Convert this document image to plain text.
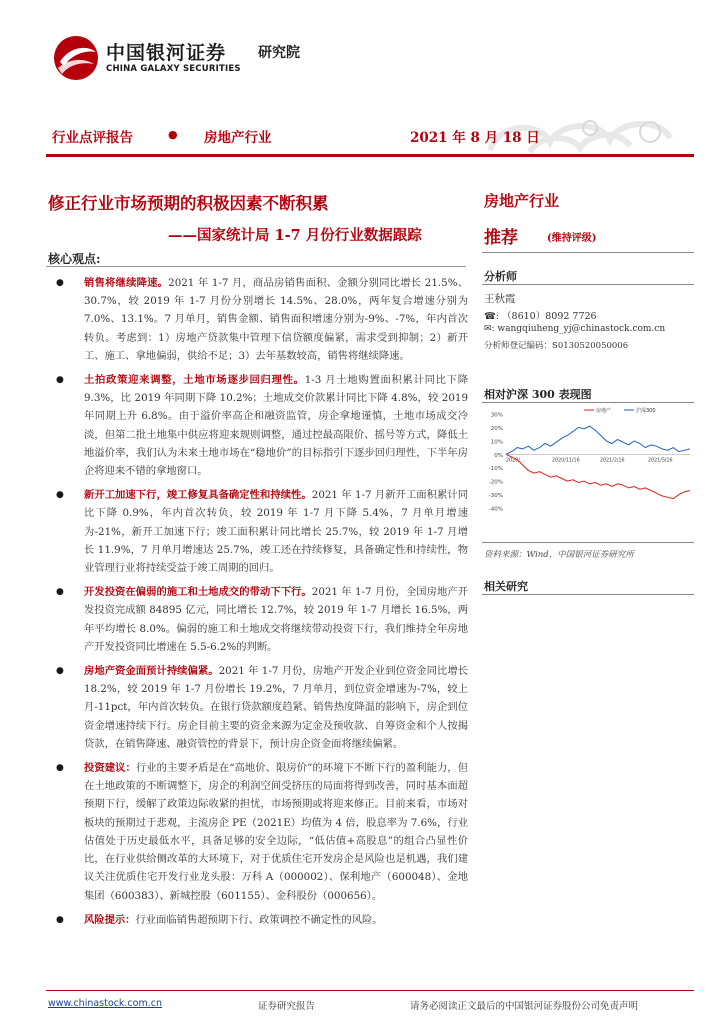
中国银河证券
CHINA GALAXY SECURITIES
研究院
行业点评报告	● 房地产行业	2021 年 8 月 18 日
修正行业市场预期的积极因素不断积累
——国家统计局 1-7 月份行业数据跟踪
核心观点:
● 销售将继续降速。2021 年 1-7 月，商品房销售面积、金额分别同比增长 21.5%、30.7%，较 2019 年 1-7 月份分别增长 14.5%、28.0%，两年复合增速分别为 7.0%、13.1%。7 月单月，销售金额、销售面积增速分别为-9%、-7%，年内首次转负。考虑到：1）房地产贷款集中管理下信贷额度偏紧，需求受到抑制；2）新开工、施工、拿地偏弱，供给不足；3）去年基数较高，销售将继续降速。
● 土拍政策迎来调整，土地市场逐步回归理性。1-3 月土地购置面积累计同比下降 9.3%，比 2019 年同期下降 10.2%；土地成交价款累计同比下降 4.8%，较 2019 年同期上升 6.8%。由于溢价率高企和融资监管，房企拿地谨慎，土地市场成交冷淡，但第二批土地集中供应将迎来规则调整，通过控最高限价、摇号等方式，降低土地溢价率，我们认为未来土地市场在“稳地价”的目标指引下逐步回归理性，下半年房企将迎来不错的拿地窗口。
● 新开工加速下行，竣工修复具备确定性和持续性。2021 年 1-7 月新开工面积累计同比下降 0.9%，年内首次转负，较 2019 年 1-7 月下降 5.4%，7 月单月增速为-21%，新开工加速下行；竣工面积累计同比增长 25.7%，较 2019 年 1-7 月增长 11.9%，7 月单月增速达 25.7%，竣工还在持续修复，具备确定性和持续性，物业管理行业将持续受益于竣工周期的回归。
● 开发投资在偏弱的施工和土地成交的带动下下行。2021 年 1-7 月份，全国房地产开发投资完成额 84895 亿元，同比增长 12.7%，较 2019 年 1-7 月增长 16.5%，两年平均增长 8.0%。偏弱的施工和土地成交将继续带动投资下行，我们维持全年房地产开发投资同比增速在 5.5-6.2%的判断。
● 房地产资金面预计持续偏紧。2021 年 1-7 月份，房地产开发企业到位资金同比增长 18.2%，较 2019 年 1-7 月份增长 19.2%，7 月单月，到位资金增速为-7%，较上月-11pct，年内首次转负。在银行贷款额度趋紧、销售热度降温的影响下，房企到位资金增速持续下行。房企目前主要的资金来源为定金及预收款、自筹资金和个人按揭贷款，在销售降速、融资管控的背景下，预计房企资金面将继续偏紧。
● 投资建议：行业的主要矛盾是在“高地价、限房价”的环境下不断下行的盈利能力，但在土地政策的不断调整下，房企的利润空间受挤压的局面将得到改善，同时基本面超预期下行，缓解了政策边际收紧的担忧，市场预期或将迎来修正。目前来看，市场对板块的预期过于悲观，主流房企 PE（2021E）均值为 4 倍，股息率为 7.6%，行业估值处于历史最低水平，具备足够的安全边际，“低估值+高股息”的组合凸显性价比，在行业供给侧改革的大环境下，对于优质住宅开发房企是风险也是机遇，我们建议关注优质住宅开发行业龙头股：万科 A（000002）、保利地产（600048）、金地集团（600383）、新城控股（601155）、金科股份（000656）。
● 风险提示：行业面临销售超预期下行、政策调控不确定性的风险。
房地产行业
推荐	(维持评级)
分析师
王秋霞
☎: （8610）8092 7726
✉: wangqiuheng_yj@chinastock.com.cn
分析师登记编码：S0130520050006
相对沪深 300 表现图
30%
20%
10%
0%
-10%
-20%
-30%
-40%
2020/...	2020/11/16	2021/2/16	2021/5/16
房地产	沪深300
资料来源：Wind，中国银河证券研究所
相关研究
www.chinastock.com.cn	证券研究报告	请务必阅读正文最后的中国银河证券股份公司免责声明
